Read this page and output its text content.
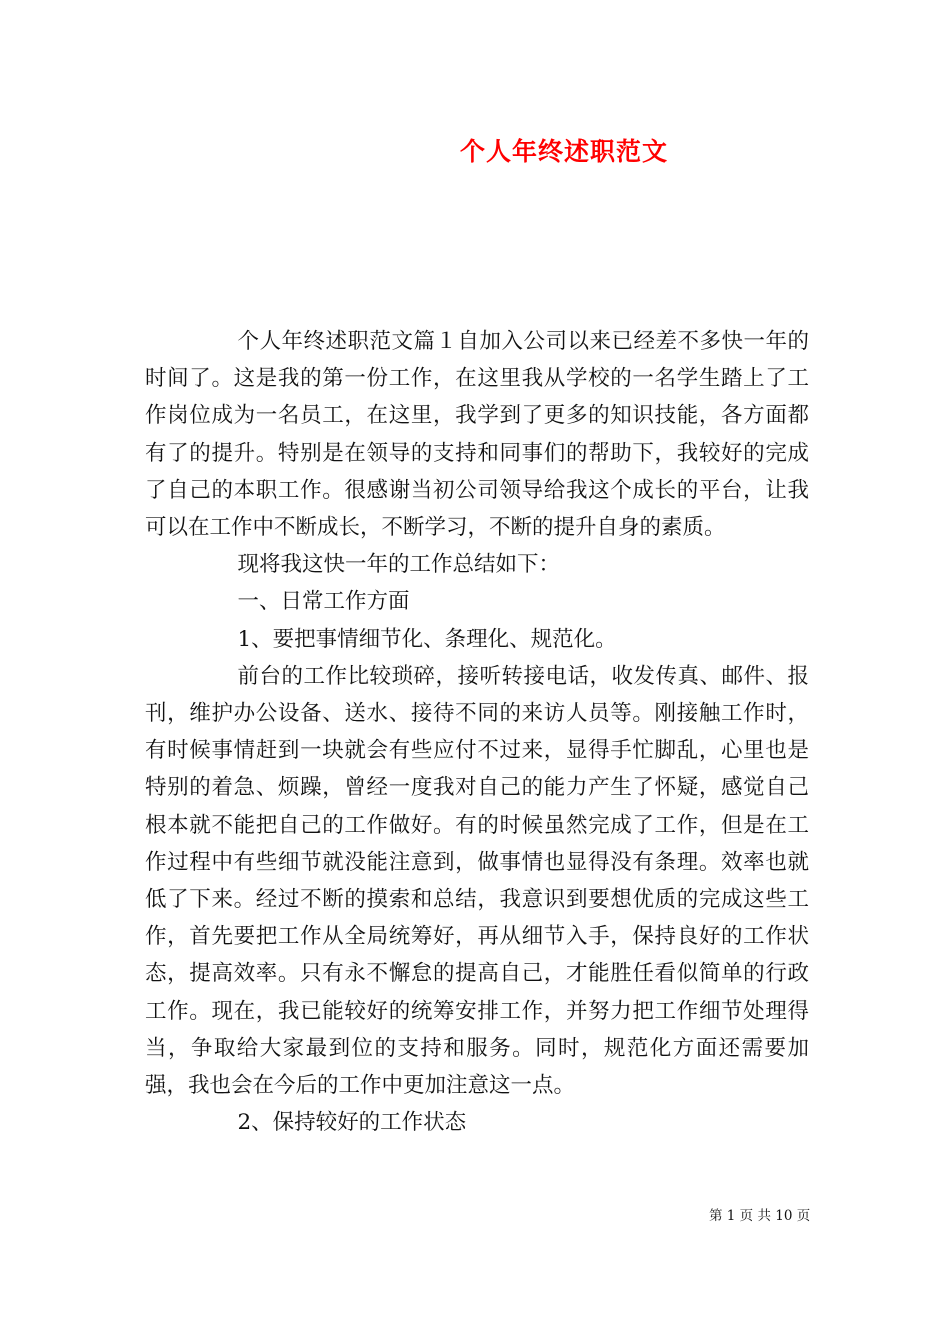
个人年终述职范文

个人年终述职范文篇１自加入公司以来已经差不多快一年的时间了。这是我的第一份工作，在这里我从学校的一名学生踏上了工作岗位成为一名员工，在这里，我学到了更多的知识技能，各方面都有了的提升。特别是在领导的支持和同事们的帮助下，我较好的完成了自己的本职工作。很感谢当初公司领导给我这个成长的平台，让我可以在工作中不断成长，不断学习，不断的提升自身的素质。

现将我这快一年的工作总结如下：

一、日常工作方面

1、要把事情细节化、条理化、规范化。

前台的工作比较琐碎，接听转接电话，收发传真、邮件、报刊，维护办公设备、送水、接待不同的来访人员等。刚接触工作时，有时候事情赶到一块就会有些应付不过来，显得手忙脚乱，心里也是特别的着急、烦躁，曾经一度我对自己的能力产生了怀疑，感觉自己根本就不能把自己的工作做好。有的时候虽然完成了工作，但是在工作过程中有些细节就没能注意到，做事情也显得没有条理。效率也就低了下来。经过不断的摸索和总结，我意识到要想优质的完成这些工作，首先要把工作从全局统筹好，再从细节入手，保持良好的工作状态，提高效率。只有永不懈怠的提高自己，才能胜任看似简单的行政工作。现在，我已能较好的统筹安排工作，并努力把工作细节处理得当，争取给大家最到位的支持和服务。同时，规范化方面还需要加强，我也会在今后的工作中更加注意这一点。

2、保持较好的工作状态

第 1 页 共 10 页
